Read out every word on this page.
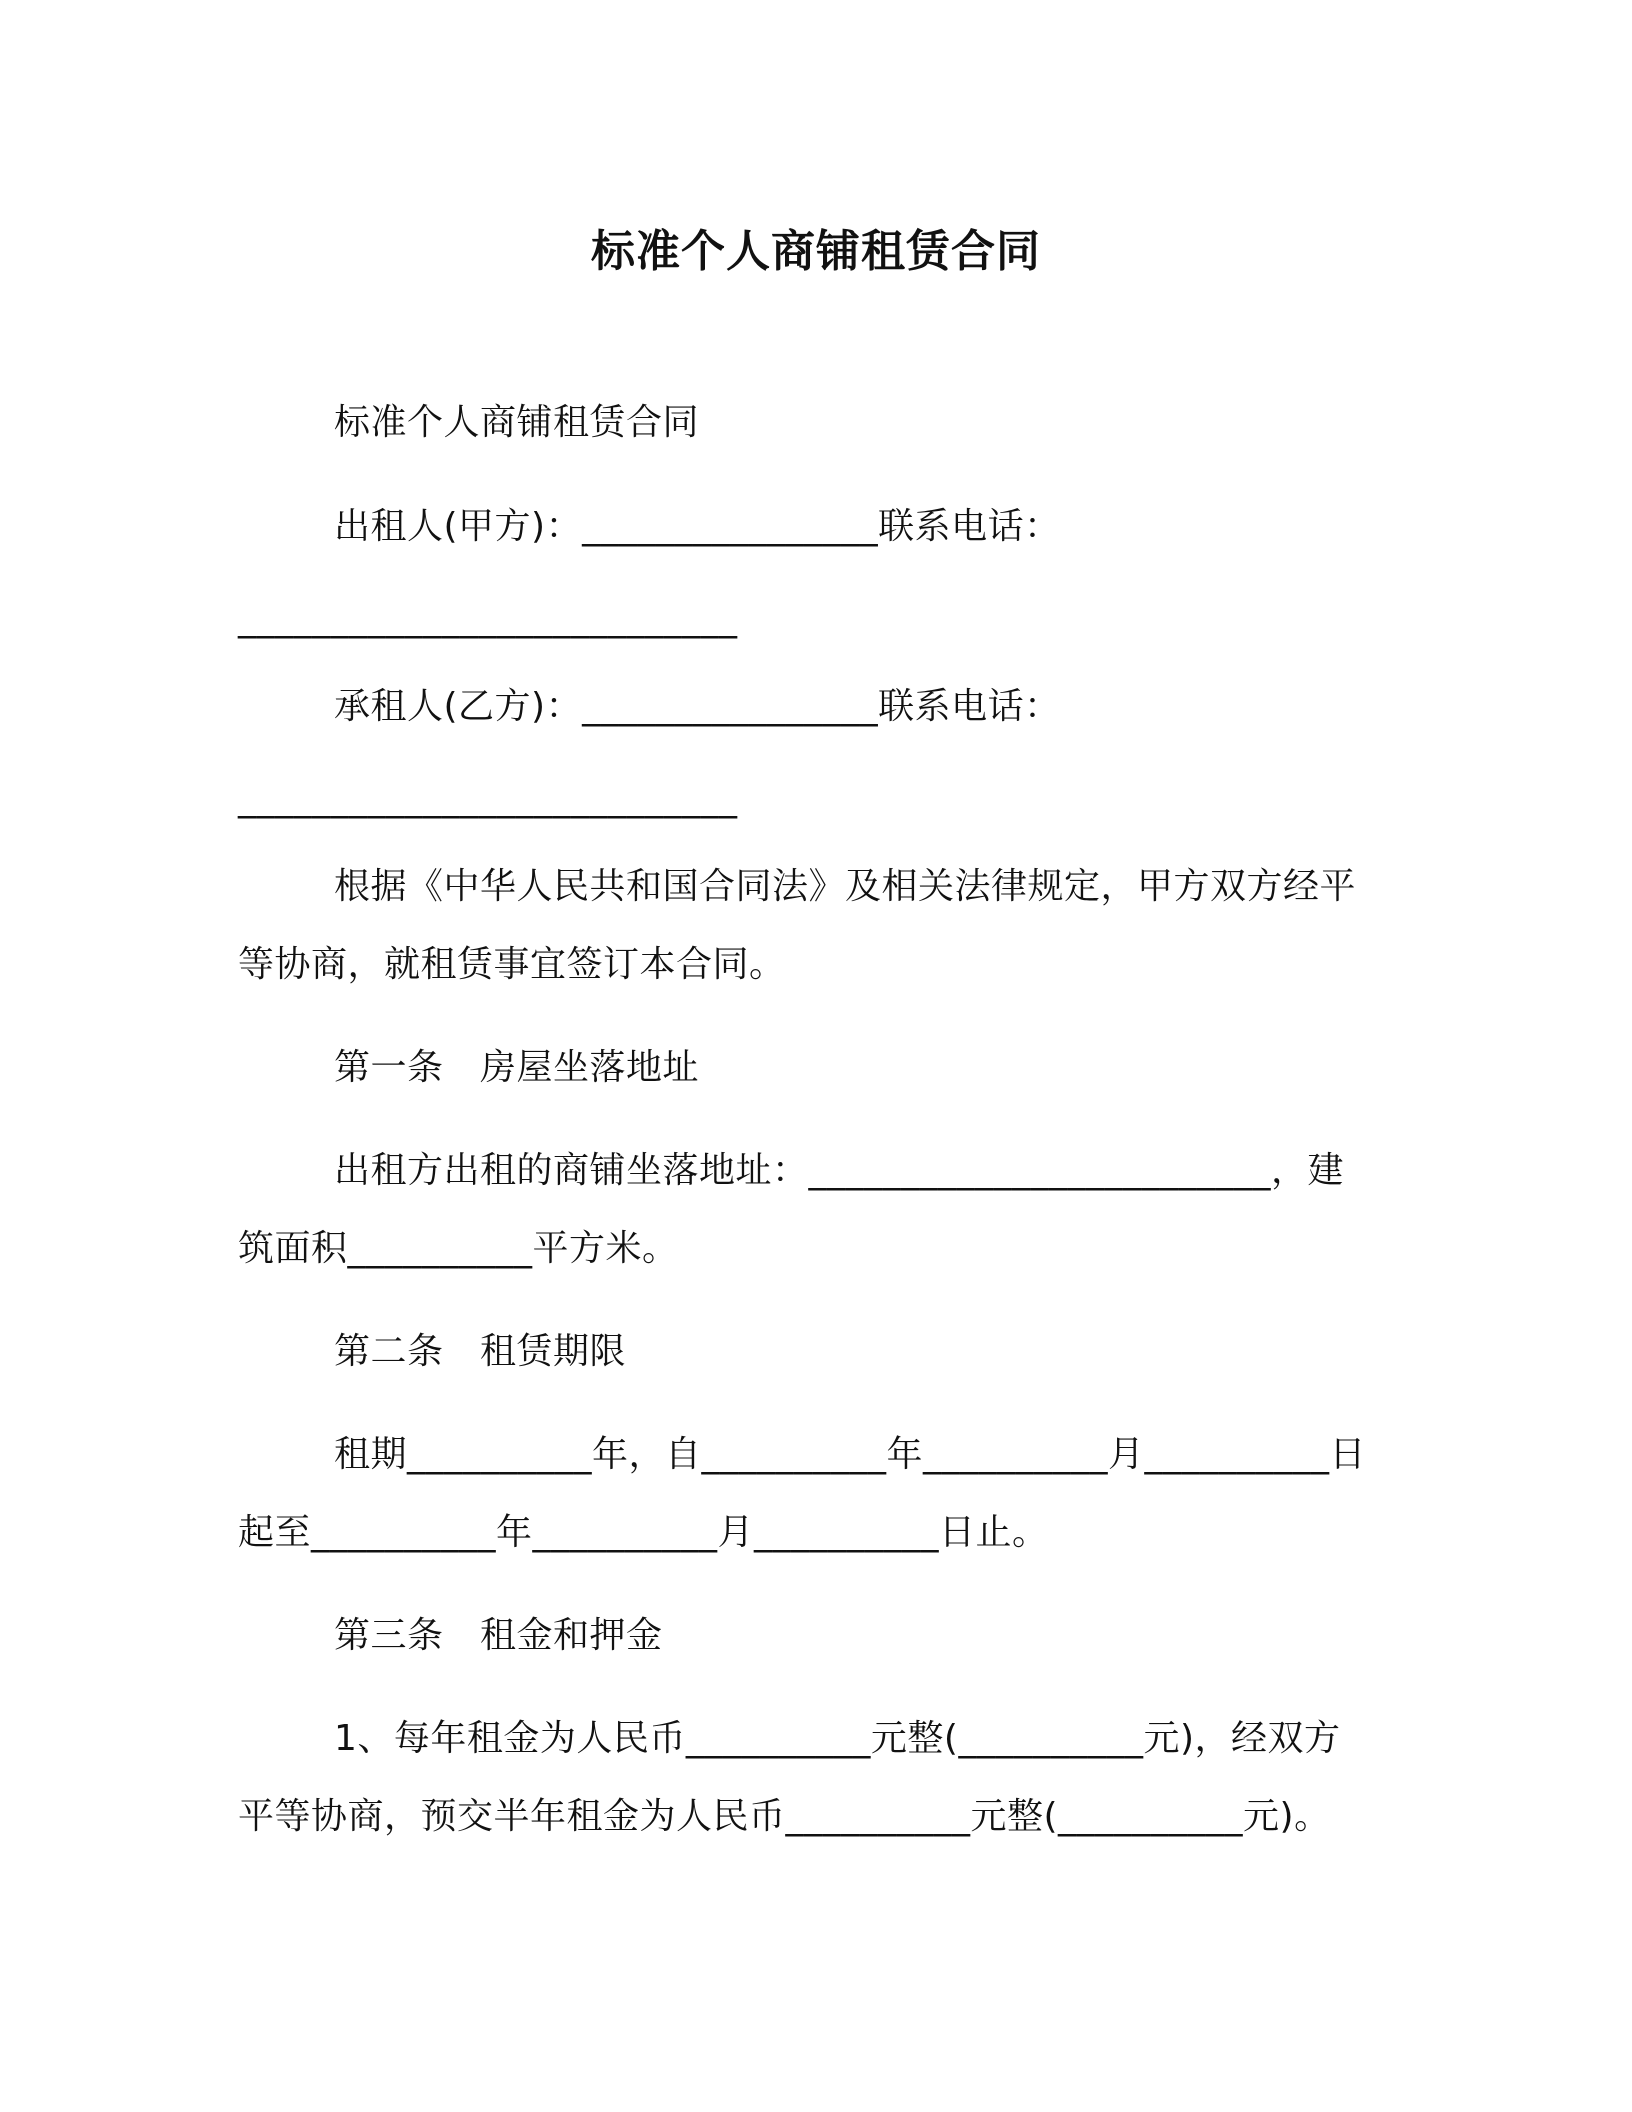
标准个人商铺租赁合同
标准个人商铺租赁合同
出租人(甲方)：________________联系电话：
___________________________
承租人(乙方)：________________联系电话：
___________________________
根据《中华人民共和国合同法》及相关法律规定，甲方双方经平
等协商，就租赁事宜签订本合同。
第一条　房屋坐落地址
出租方出租的商铺坐落地址：_________________________，建
筑面积__________平方米。
第二条　租赁期限
租期__________年，自__________年__________月__________日
起至__________年__________月__________日止。
第三条　租金和押金
1、每年租金为人民币__________元整(__________元)，经双方
平等协商，预交半年租金为人民币__________元整(__________元)。
